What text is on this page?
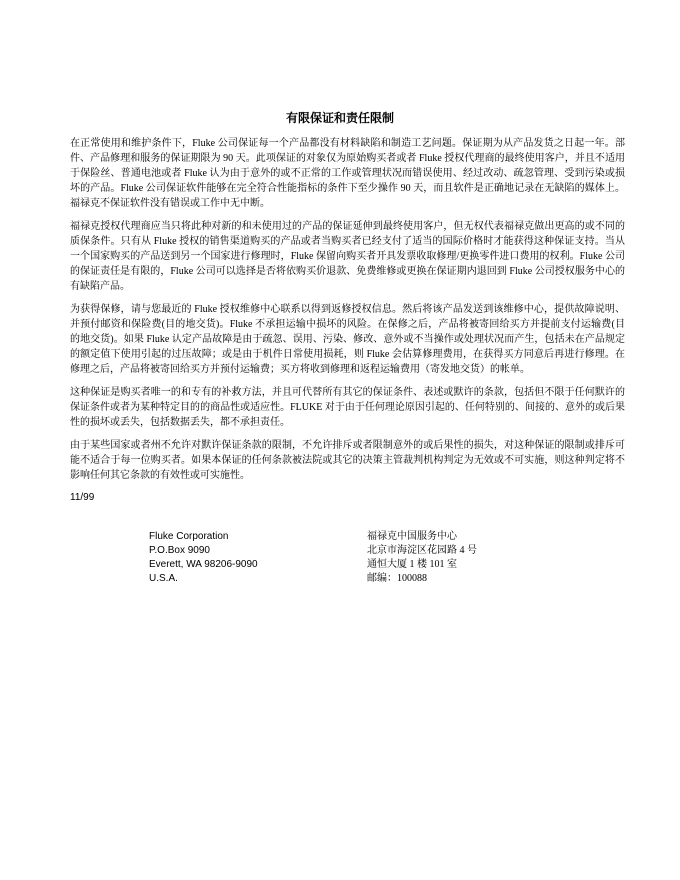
有限保证和责任限制

在正常使用和维护条件下，Fluke 公司保证每一个产品都没有材料缺陷和制造工艺问题。保证期为从产品发货之日起一年。部件、产品修理和服务的保证期限为 90 天。此项保证的对象仅为原始购买者或者 Fluke 授权代理商的最终使用客户，并且不适用于保险丝、普通电池或者 Fluke 认为由于意外的或不正常的工作或管理状况而错误使用、经过改动、疏忽管理、受到污染或损坏的产品。Fluke 公司保证软件能够在完全符合性能指标的条件下至少操作 90 天，而且软件是正确地记录在无缺陷的媒体上。福禄克不保证软件没有错误或工作中无中断。

福禄克授权代理商应当只将此种对新的和未使用过的产品的保证延伸到最终使用客户，但无权代表福禄克做出更高的或不同的质保条件。只有从 Fluke 授权的销售渠道购买的产品或者当购买者已经支付了适当的国际价格时才能获得这种保证支持。当从一个国家购买的产品送到另一个国家进行修理时，Fluke 保留向购买者开具发票收取修理/更换零件进口费用的权利。Fluke 公司的保证责任是有限的，Fluke 公司可以选择是否将依购买价退款、免费维修或更换在保证期内退回到 Fluke 公司授权服务中心的有缺陷产品。

为获得保修，请与您最近的 Fluke 授权维修中心联系以得到返修授权信息。然后将该产品发送到该维修中心，提供故障说明、并预付邮资和保险费(目的地交货)。Fluke 不承担运输中损坏的风险。在保修之后，产品将被寄回给买方并提前支付运输费(目的地交货)。如果 Fluke 认定产品故障是由于疏忽、误用、污染、修改、意外或不当操作或处理状况而产生，包括未在产品规定的额定值下使用引起的过压故障；或是由于机件日常使用损耗，则 Fluke 会估算修理费用，在获得买方同意后再进行修理。在修理之后，产品将被寄回给买方并预付运输费；买方将收到修理和返程运输费用（寄发地交货）的帐单。

这种保证是购买者唯一的和专有的补救方法，并且可代替所有其它的保证条件、表述或默许的条款，包括但不限于任何默许的保证条件或者为某种特定目的的商品性或适应性。FLUKE 对于由于任何理论原因引起的、任何特别的、间接的、意外的或后果性的损坏或丢失，包括数据丢失，都不承担责任。

由于某些国家或者州不允许对默许保证条款的限制，不允许排斥或者限制意外的或后果性的损失，对这种保证的限制或排斥可能不适合于每一位购买者。如果本保证的任何条款被法院或其它的决策主管裁判机构判定为无效或不可实施，则这种判定将不影响任何其它条款的有效性或可实施性。

11/99
Fluke Corporation
P.O.Box 9090
Everett, WA 98206-9090
U.S.A.
福禄克中国服务中心
北京市海淀区花园路 4 号
通恒大厦 1 楼 101 室
邮编：100088
